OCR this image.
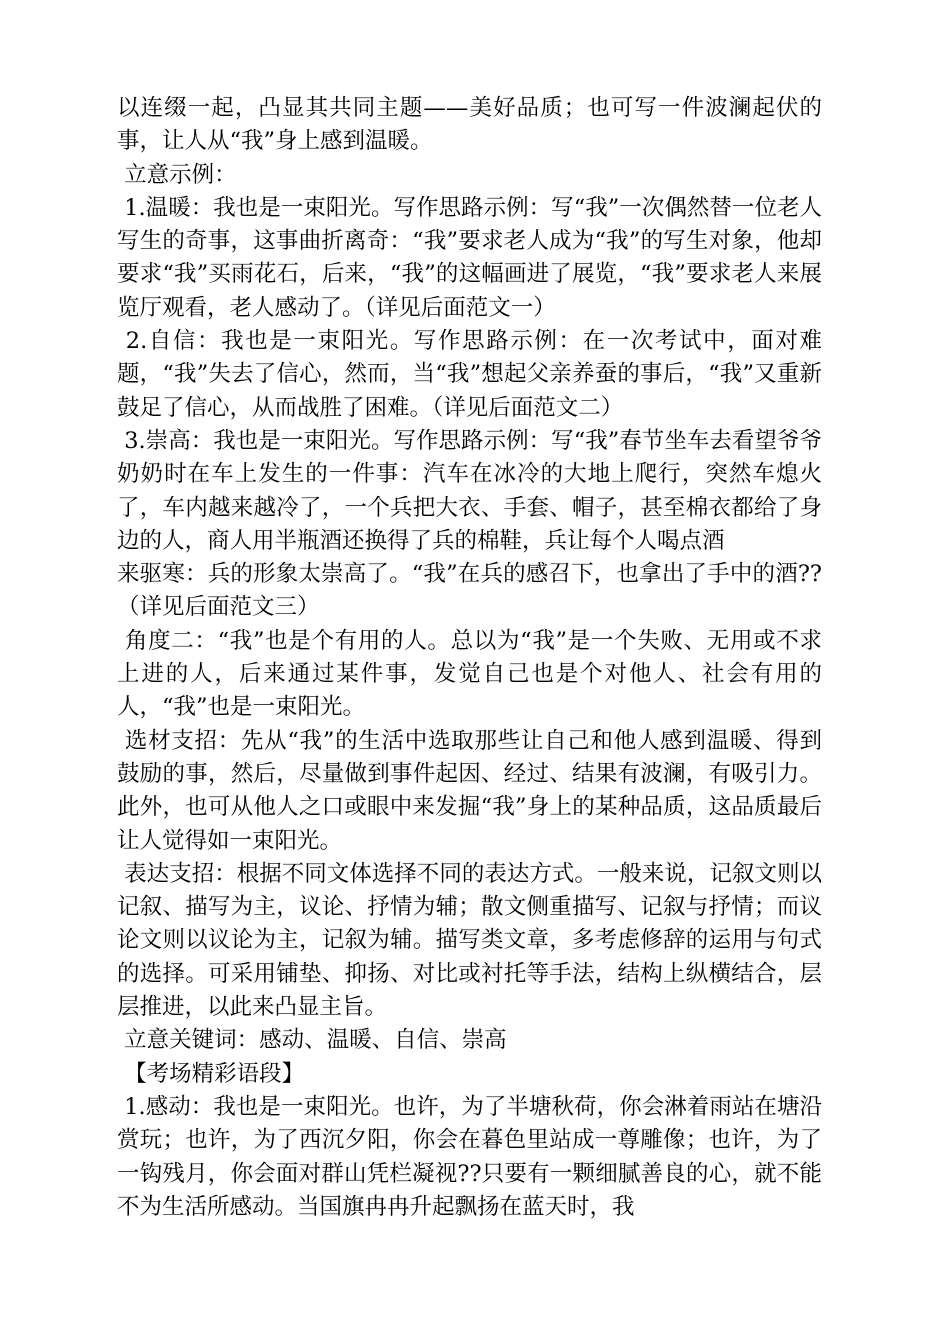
以连缀一起，凸显其共同主题——美好品质；也可写一件波澜起伏的事，让人从“我”身上感到温暖。

立意示例：

1.温暖：我也是一束阳光。写作思路示例：写“我”一次偶然替一位老人写生的奇事，这事曲折离奇：“我”要求老人成为“我”的写生对象，他却要求“我”买雨花石，后来，“我”的这幅画进了展览，“我”要求老人来展览厅观看，老人感动了。（详见后面范文一）

2.自信：我也是一束阳光。写作思路示例：在一次考试中，面对难题，“我”失去了信心，然而，当“我”想起父亲养蚕的事后，“我”又重新鼓足了信心，从而战胜了困难。（详见后面范文二）

3.崇高：我也是一束阳光。写作思路示例：写“我”春节坐车去看望爷爷奶奶时在车上发生的一件事：汽车在冰冷的大地上爬行，突然车熄火了，车内越来越冷了，一个兵把大衣、手套、帽子，甚至棉衣都给了身边的人，商人用半瓶酒还换得了兵的棉鞋，兵让每个人喝点酒

来驱寒：兵的形象太崇高了。“我”在兵的感召下，也拿出了手中的酒??（详见后面范文三）

角度二：“我”也是个有用的人。总以为“我”是一个失败、无用或不求上进的人，后来通过某件事，发觉自己也是个对他人、社会有用的人，“我”也是一束阳光。

选材支招：先从“我”的生活中选取那些让自己和他人感到温暖、得到鼓励的事，然后，尽量做到事件起因、经过、结果有波澜，有吸引力。此外，也可从他人之口或眼中来发掘“我”身上的某种品质，这品质最后让人觉得如一束阳光。

表达支招：根据不同文体选择不同的表达方式。一般来说，记叙文则以记叙、描写为主，议论、抒情为辅；散文侧重描写、记叙与抒情；而议论文则以议论为主，记叙为辅。描写类文章，多考虑修辞的运用与句式的选择。可采用铺垫、抑扬、对比或衬托等手法，结构上纵横结合，层层推进，以此来凸显主旨。

立意关键词：感动、温暖、自信、崇高

【考场精彩语段】

1.感动：我也是一束阳光。也许，为了半塘秋荷，你会淋着雨站在塘沿赏玩；也许，为了西沉夕阳，你会在暮色里站成一尊雕像；也许，为了一钩残月，你会面对群山凭栏凝视??只要有一颗细腻善良的心，就不能不为生活所感动。当国旗冉冉升起飘扬在蓝天时，我
